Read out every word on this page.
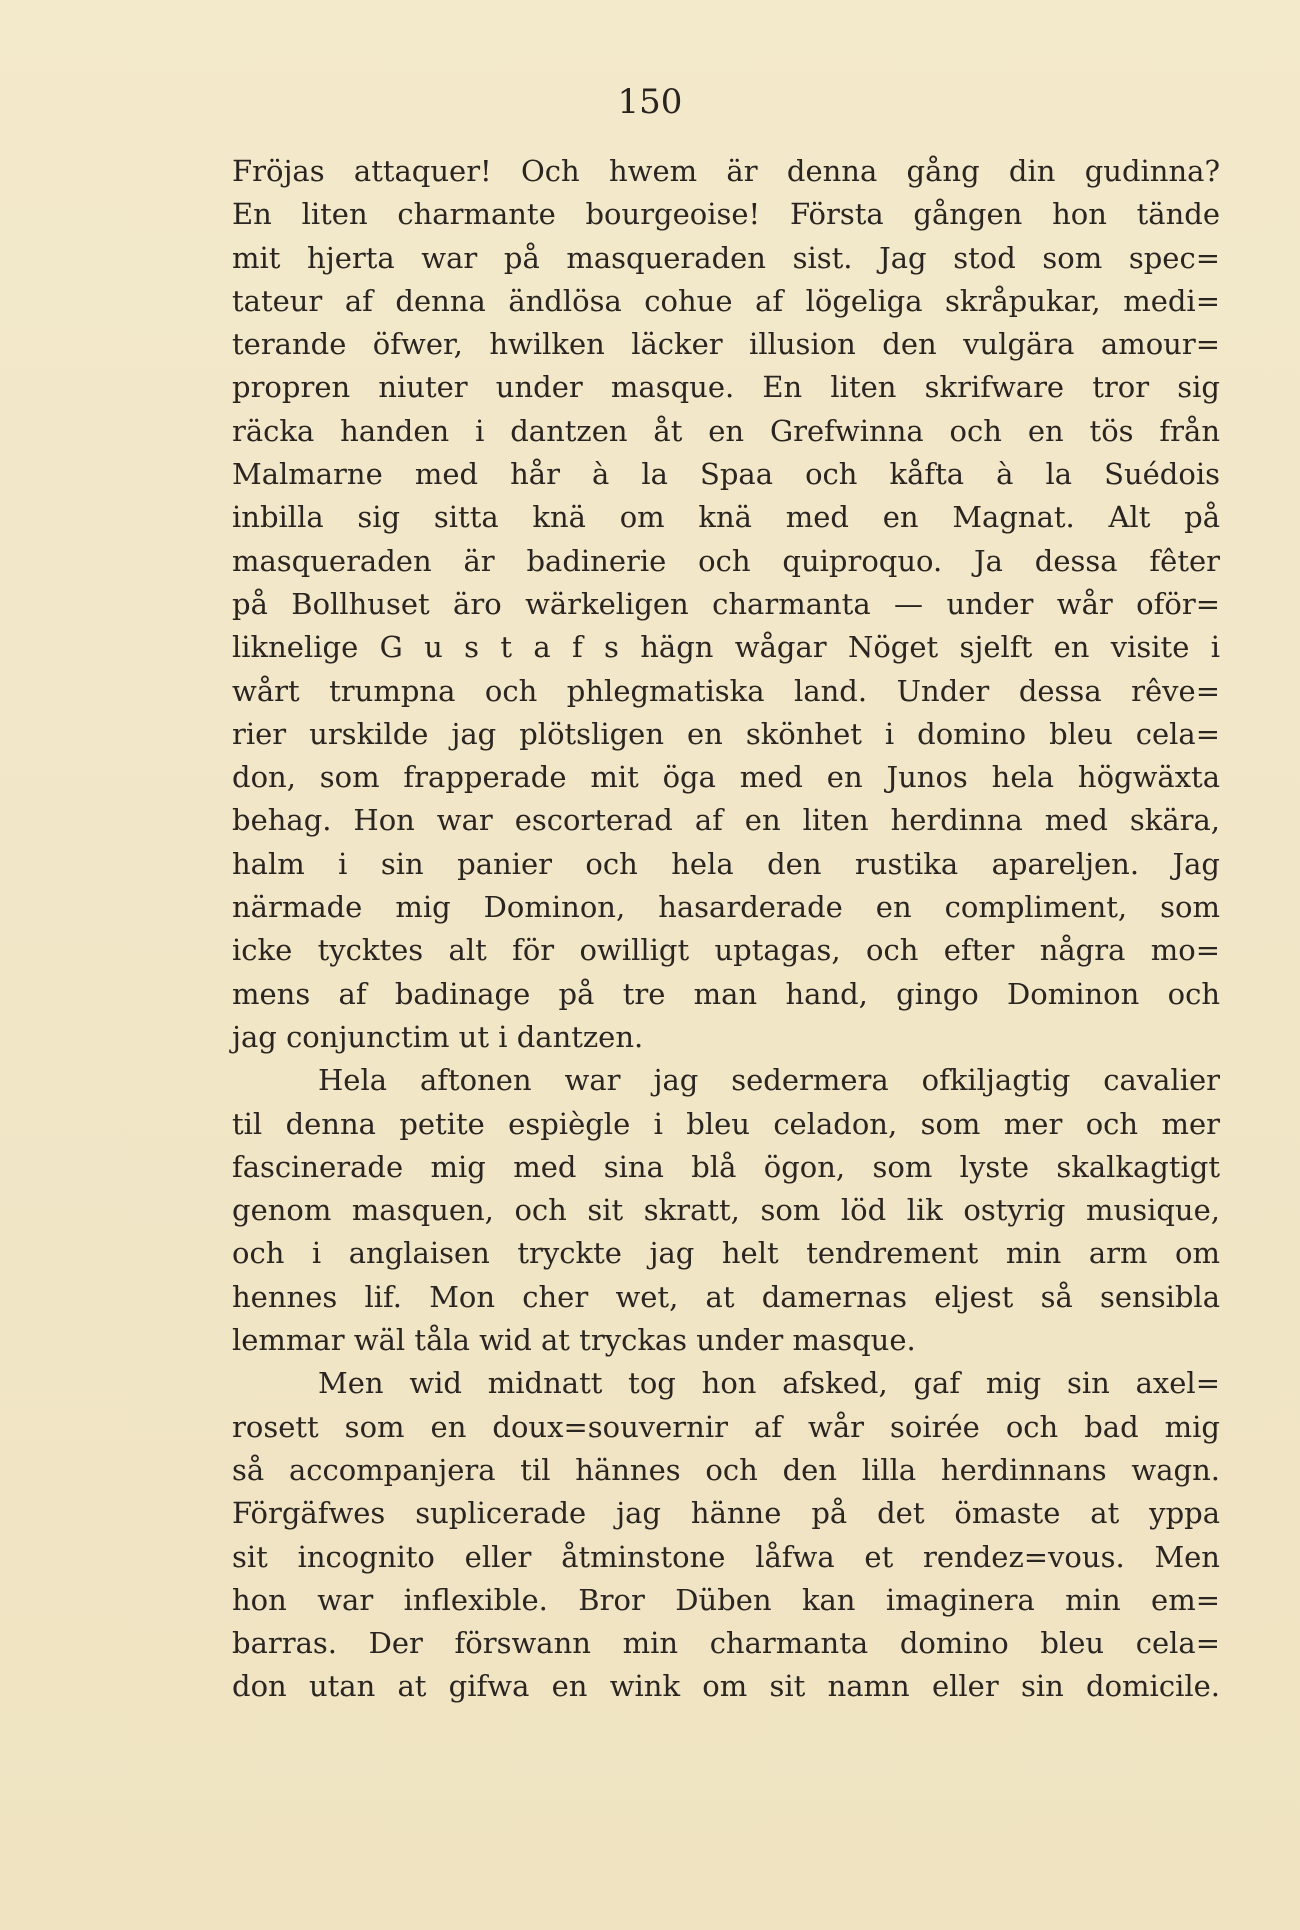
150
Fröjas attaquer! Och hwem är denna gång din gudinna?
En liten charmante bourgeoise! Första gången hon tände
mit hjerta war på masqueraden sist. Jag stod som spec=
tateur af denna ändlösa cohue af lögeliga skråpukar, medi=
terande öfwer, hwilken läcker illusion den vulgära amour=
propren niuter under masque. En liten skrifware tror sig
räcka handen i dantzen åt en Grefwinna och en tös från
Malmarne med hår à la Spaa och kåfta à la Suédois
inbilla sig sitta knä om knä med en Magnat. Alt på
masqueraden är badinerie och quiproquo. Ja dessa fêter
på Bollhuset äro wärkeligen charmanta — under wår oför=
liknelige G u s t a f s hägn wågar Nöget sjelft en visite i
wårt trumpna och phlegmatiska land. Under dessa rêve=
rier urskilde jag plötsligen en skönhet i domino bleu cela=
don, som frapperade mit öga med en Junos hela högwäxta
behag. Hon war escorterad af en liten herdinna med skära,
halm i sin panier och hela den rustika apareljen. Jag
närmade mig Dominon, hasarderade en compliment, som
icke tycktes alt för owilligt uptagas, och efter några mo=
mens af badinage på tre man hand, gingo Dominon och
jag conjunctim ut i dantzen.
Hela aftonen war jag sedermera ofkiljagtig cavalier
til denna petite espiègle i bleu celadon, som mer och mer
fascinerade mig med sina blå ögon, som lyste skalkagtigt
genom masquen, och sit skratt, som löd lik ostyrig musique,
och i anglaisen tryckte jag helt tendrement min arm om
hennes lif. Mon cher wet, at damernas eljest så sensibla
lemmar wäl tåla wid at tryckas under masque.
Men wid midnatt tog hon afsked, gaf mig sin axel=
rosett som en doux=souvernir af wår soirée och bad mig
så accompanjera til hännes och den lilla herdinnans wagn.
Förgäfwes suplicerade jag hänne på det ömaste at yppa
sit incognito eller åtminstone låfwa et rendez=vous. Men
hon war inflexible. Bror Düben kan imaginera min em=
barras. Der förswann min charmanta domino bleu cela=
don utan at gifwa en wink om sit namn eller sin domicile.
